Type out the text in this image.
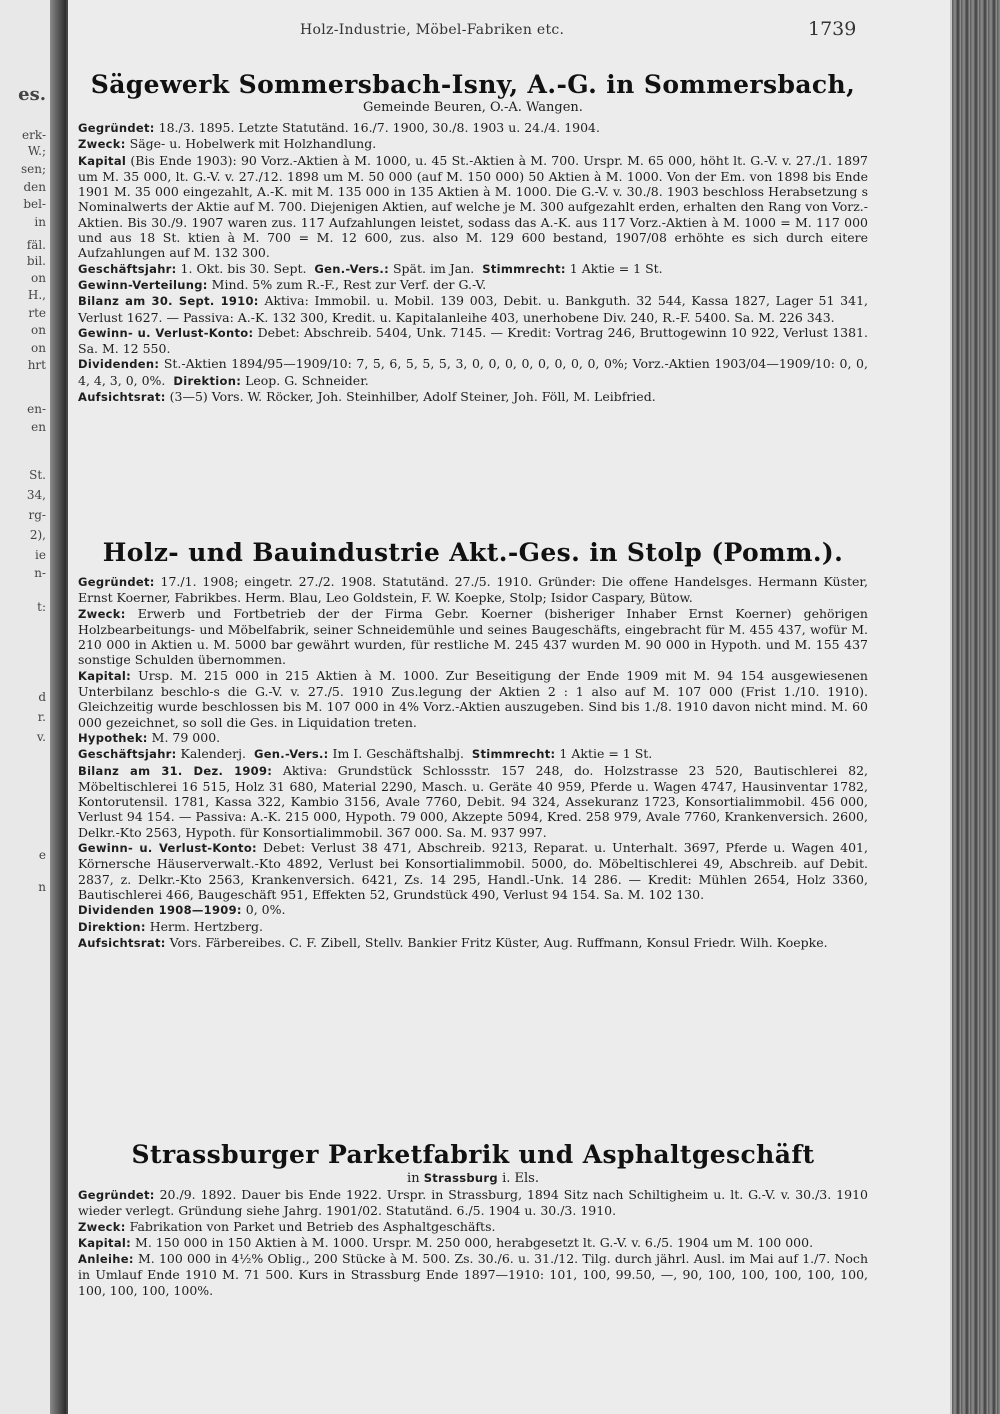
es.
erk-
W.;
sen;
den
bel-
in
fäl.
bil.
on
H.,
rte
on
on
hrt
en-
en
St.
34,
rg-
2),
ie
n-
t:
d
r.
v.
e
n
Holz-Industrie, Möbel-Fabriken etc.	1739
Sägewerk Sommersbach-Isny, A.-G. in Sommersbach,

Gemeinde Beuren, O.-A. Wangen.

Gegründet: 18./3. 1895. Letzte Statutänd. 16./7. 1900, 30./8. 1903 u. 24./4. 1904.

Zweck: Säge- u. Hobelwerk mit Holzhandlung.

Kapital (Bis Ende 1903): 90 Vorz.-Aktien à M. 1000, u. 45 St.-Aktien à M. 700. Urspr. M. 65 000, höht lt. G.-V. v. 27./1. 1897 um M. 35 000, lt. G.-V. v. 27./12. 1898 um M. 50 000 (auf M. 150 000) 50 Aktien à M. 1000. Von der Em. von 1898 bis Ende 1901 M. 35 000 eingezahlt, A.-K. mit M. 135 000 in 135 Aktien à M. 1000. Die G.-V. v. 30./8. 1903 beschloss Herabsetzung s Nominalwerts der Aktie auf M. 700. Diejenigen Aktien, auf welche je M. 300 aufgezahlt erden, erhalten den Rang von Vorz.-Aktien. Bis 30./9. 1907 waren zus. 117 Aufzahlungen leistet, sodass das A.-K. aus 117 Vorz.-Aktien à M. 1000 = M. 117 000 und aus 18 St. ktien à M. 700 = M. 12 600, zus. also M. 129 600 bestand, 1907/08 erhöhte es sich durch eitere Aufzahlungen auf M. 132 300.

Geschäftsjahr: 1. Okt. bis 30. Sept. Gen.-Vers.: Spät. im Jan. Stimmrecht: 1 Aktie = 1 St.

Gewinn-Verteilung: Mind. 5% zum R.-F., Rest zur Verf. der G.-V.

Bilanz am 30. Sept. 1910: Aktiva: Immobil. u. Mobil. 139 003, Debit. u. Bankguth. 32 544, Kassa 1827, Lager 51 341, Verlust 1627. — Passiva: A.-K. 132 300, Kredit. u. Kapitalanleihe 403, unerhobene Div. 240, R.-F. 5400. Sa. M. 226 343.

Gewinn- u. Verlust-Konto: Debet: Abschreib. 5404, Unk. 7145. — Kredit: Vortrag 246, Bruttogewinn 10 922, Verlust 1381. Sa. M. 12 550.

Dividenden: St.-Aktien 1894/95—1909/10: 7, 5, 6, 5, 5, 5, 3, 0, 0, 0, 0, 0, 0, 0, 0, 0%; Vorz.-Aktien 1903/04—1909/10: 0, 0, 4, 4, 3, 0, 0%. Direktion: Leop. G. Schneider.

Aufsichtsrat: (3—5) Vors. W. Röcker, Joh. Steinhilber, Adolf Steiner, Joh. Föll, M. Leibfried.

Holz- und Bauindustrie Akt.-Ges. in Stolp (Pomm.).

Gegründet: 17./1. 1908; eingetr. 27./2. 1908. Statutänd. 27./5. 1910. Gründer: Die offene Handelsges. Hermann Küster, Ernst Koerner, Fabrikbes. Herm. Blau, Leo Goldstein, F. W. Koepke, Stolp; Isidor Caspary, Bütow.

Zweck: Erwerb und Fortbetrieb der der Firma Gebr. Koerner (bisheriger Inhaber Ernst Koerner) gehörigen Holzbearbeitungs- und Möbelfabrik, seiner Schneidemühle und seines Baugeschäfts, eingebracht für M. 455 437, wofür M. 210 000 in Aktien u. M. 5000 bar gewährt wurden, für restliche M. 245 437 wurden M. 90 000 in Hypoth. und M. 155 437 sonstige Schulden übernommen.

Kapital: Ursp. M. 215 000 in 215 Aktien à M. 1000. Zur Beseitigung der Ende 1909 mit M. 94 154 ausgewiesenen Unterbilanz beschlo-s die G.-V. v. 27./5. 1910 Zus.legung der Aktien 2 : 1 also auf M. 107 000 (Frist 1./10. 1910). Gleichzeitig wurde beschlossen bis M. 107 000 in 4% Vorz.-Aktien auszugeben. Sind bis 1./8. 1910 davon nicht mind. M. 60 000 gezeichnet, so soll die Ges. in Liquidation treten.

Hypothek: M. 79 000.

Geschäftsjahr: Kalenderj. Gen.-Vers.: Im I. Geschäftshalbj. Stimmrecht: 1 Aktie = 1 St.

Bilanz am 31. Dez. 1909: Aktiva: Grundstück Schlossstr. 157 248, do. Holzstrasse 23 520, Bautischlerei 82, Möbeltischlerei 16 515, Holz 31 680, Material 2290, Masch. u. Geräte 40 959, Pferde u. Wagen 4747, Hausinventar 1782, Kontorutensil. 1781, Kassa 322, Kambio 3156, Avale 7760, Debit. 94 324, Assekuranz 1723, Konsortialimmobil. 456 000, Verlust 94 154. — Passiva: A.-K. 215 000, Hypoth. 79 000, Akzepte 5094, Kred. 258 979, Avale 7760, Krankenversich. 2600, Delkr.-Kto 2563, Hypoth. für Konsortialimmobil. 367 000. Sa. M. 937 997.

Gewinn- u. Verlust-Konto: Debet: Verlust 38 471, Abschreib. 9213, Reparat. u. Unterhalt. 3697, Pferde u. Wagen 401, Körnersche Häuserverwalt.-Kto 4892, Verlust bei Konsortialimmobil. 5000, do. Möbeltischlerei 49, Abschreib. auf Debit. 2837, z. Delkr.-Kto 2563, Krankenversich. 6421, Zs. 14 295, Handl.-Unk. 14 286. — Kredit: Mühlen 2654, Holz 3360, Bautischlerei 466, Baugeschäft 951, Effekten 52, Grundstück 490, Verlust 94 154. Sa. M. 102 130.

Dividenden 1908—1909: 0, 0%.

Direktion: Herm. Hertzberg.

Aufsichtsrat: Vors. Färbereibes. C. F. Zibell, Stellv. Bankier Fritz Küster, Aug. Ruffmann, Konsul Friedr. Wilh. Koepke.

Strassburger Parketfabrik und Asphaltgeschäft

in Strassburg i. Els.

Gegründet: 20./9. 1892. Dauer bis Ende 1922. Urspr. in Strassburg, 1894 Sitz nach Schiltigheim u. lt. G.-V. v. 30./3. 1910 wieder verlegt. Gründung siehe Jahrg. 1901/02. Statutänd. 6./5. 1904 u. 30./3. 1910.

Zweck: Fabrikation von Parket und Betrieb des Asphaltgeschäfts.

Kapital: M. 150 000 in 150 Aktien à M. 1000. Urspr. M. 250 000, herabgesetzt lt. G.-V. v. 6./5. 1904 um M. 100 000.

Anleihe: M. 100 000 in 4½% Oblig., 200 Stücke à M. 500. Zs. 30./6. u. 31./12. Tilg. durch jährl. Ausl. im Mai auf 1./7. Noch in Umlauf Ende 1910 M. 71 500. Kurs in Strassburg Ende 1897—1910: 101, 100, 99.50, —, 90, 100, 100, 100, 100, 100, 100, 100, 100, 100%.
